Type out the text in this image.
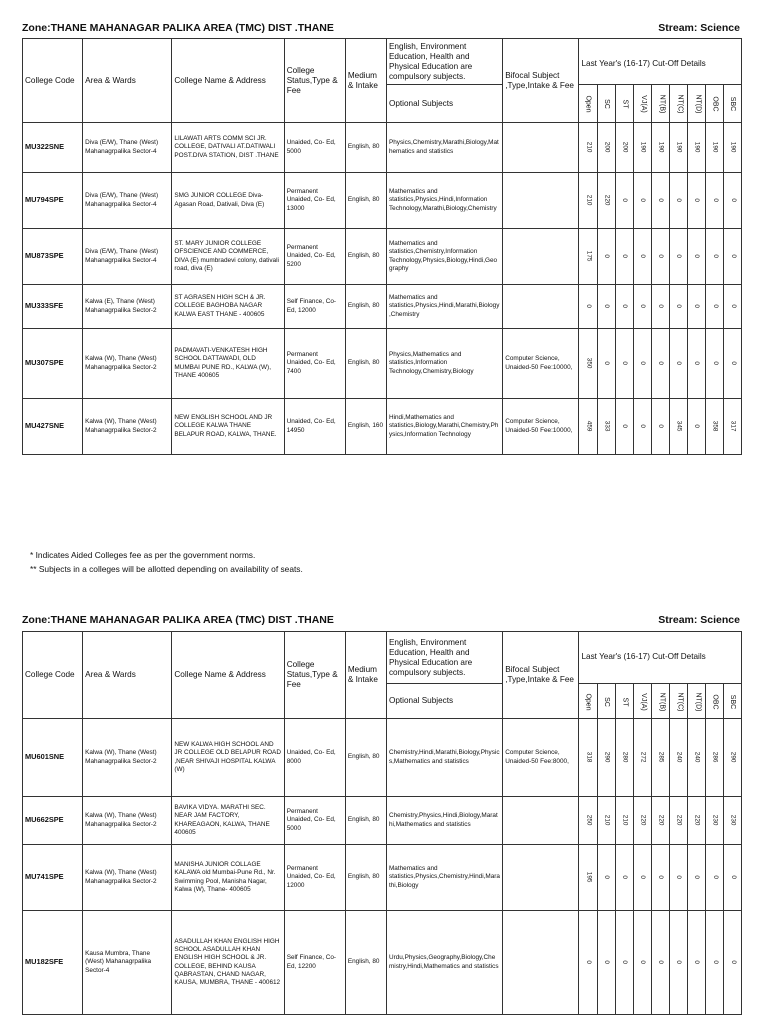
Zone:THANE MAHANAGAR PALIKA AREA (TMC) DIST .THANE	Stream: Science
College Code	Area & Wards	College Name & Address	College Status,Type & Fee	Medium & Intake	English, Environment Education, Health and Physical Education are compulsory subjects.	Bifocal Subject ,Type,Intake & Fee	Last Year's (16-17) Cut-Off Details								
					Optional Subjects		Open	SC	ST	VJ(A)	NT(B)	NT(C)	NT(D)	OBC	SBC
MU322SNE	Diva (E/W), Thane (West) Mahanagrpalika Sector-4	LILAWATI ARTS COMM SCI JR. COLLEGE, DATIVALI AT.DATIWALI POST.DIVA STATION, DIST .THANE	Unaided, Co- Ed, 5000	English, 80	Physics,Chemistry,Marathi,Biology,Mathematics and statistics		210	200	200	190	190	190	190	190	190
MU794SPE	Diva (E/W), Thane (West) Mahanagrpalika Sector-4	SMG JUNIOR COLLEGE Diva-Agasan Road, Dativali, Diva (E)	Permanent Unaided, Co- Ed, 13000	English, 80	Mathematics and statistics,Physics,Hindi,Information Technology,Marathi,Biology,Chemistry		210	220	0	0	0	0	0	0	0
MU873SPE	Diva (E/W), Thane (West) Mahanagrpalika Sector-4	ST. MARY JUNIOR COLLEGE OFSCIENCE AND COMMERCE, DIVA (E) mumbradevi colony, dativali road, diva (E)	Permanent Unaided, Co- Ed, 5200	English, 80	Mathematics and statistics,Chemistry,Information Technology,Physics,Biology,Hindi,Geography		175	0	0	0	0	0	0	0	0
MU333SFE	Kalwa (E), Thane (West) Mahanagrpalika Sector-2	ST AGRASEN HIGH SCH & JR. COLLEGE BAGHOBA NAGAR KALWA EAST THANE - 400605	Self Finance, Co- Ed, 12000	English, 80	Mathematics and statistics,Physics,Hindi,Marathi,Biology,Chemistry		0	0	0	0	0	0	0	0	0
MU307SPE	Kalwa (W), Thane (West) Mahanagrpalika Sector-2	PADMAVATI-VENKATESH HIGH SCHOOL DATTAWADI, OLD MUMBAI PUNE RD., KALWA (W), THANE 400605	Permanent Unaided, Co- Ed, 7400	English, 80	Physics,Mathematics and statistics,Information Technology,Chemistry,Biology	Computer Science, Unaided-50 Fee:10000,	350	0	0	0	0	0	0	0	0
MU427SNE	Kalwa (W), Thane (West) Mahanagrpalika Sector-2	NEW ENGLISH SCHOOL AND JR COLLEGE KALWA THANE BELAPUR ROAD, KALWA, THANE.	Unaided, Co- Ed, 14950	English, 160	Hindi,Mathematics and statistics,Biology,Marathi,Chemistry,Physics,Information Technology	Computer Science, Unaided-50 Fee:10000,	459	333	0	0	0	345	0	358	317
* Indicates Aided Colleges fee as per the government norms.
** Subjects in a colleges will be allotted depending on availability of seats.
Zone:THANE MAHANAGAR PALIKA AREA (TMC) DIST .THANE	Stream: Science
College Code	Area & Wards	College Name & Address	College Status,Type & Fee	Medium & Intake	English, Environment Education, Health and Physical Education are compulsory subjects.	Bifocal Subject ,Type,Intake & Fee	Last Year's (16-17) Cut-Off Details								
					Optional Subjects		Open	SC	ST	VJ(A)	NT(B)	NT(C)	NT(D)	OBC	SBC
MU601SNE	Kalwa (W), Thane (West) Mahanagrpalika Sector-2	NEW KALWA HIGH SCHOOL AND JR COLLEGE OLD BELAPUR ROAD ,NEAR SHIVAJI HOSPITAL KALWA (W)	Unaided, Co- Ed, 8000	English, 80	Chemistry,Hindi,Marathi,Biology,Physics,Mathematics and statistics	Computer Science, Unaided-50 Fee:8000,	318	290	280	272	285	240	240	286	290
MU662SPE	Kalwa (W), Thane (West) Mahanagrpalika Sector-2	BAVIKA VIDYA. MARATHI SEC. NEAR JAM FACTORY, KHAREAGAON, KALWA, THANE 400605	Permanent Unaided, Co- Ed, 5000	English, 80	Chemistry,Physics,Hindi,Biology,Marathi,Mathematics and statistics		250	210	210	220	220	220	220	230	230
MU741SPE	Kalwa (W), Thane (West) Mahanagrpalika Sector-2	MANISHA JUNIOR COLLAGE KALAWA old Mumbai-Pune Rd., Nr. Swimming Pool, Manisha Nagar, Kalwa (W), Thane- 400605	Permanent Unaided, Co- Ed, 12000	English, 80	Mathematics and statistics,Physics,Chemistry,Hindi,Marathi,Biology		195	0	0	0	0	0	0	0	0
MU182SFE	Kausa Mumbra, Thane (West) Mahanagrpalika Sector-4	ASADULLAH KHAN ENGLISH HIGH SCHOOL ASADULLAH KHAN ENGLISH HIGH SCHOOL & JR. COLLEGE, BEHIND KAUSA QABRASTAN, CHAND NAGAR, KAUSA, MUMBRA, THANE - 400612	Self Finance, Co- Ed, 12200	English, 80	Urdu,Physics,Geography,Biology,Chemistry,Hindi,Mathematics and statistics		0	0	0	0	0	0	0	0	0
